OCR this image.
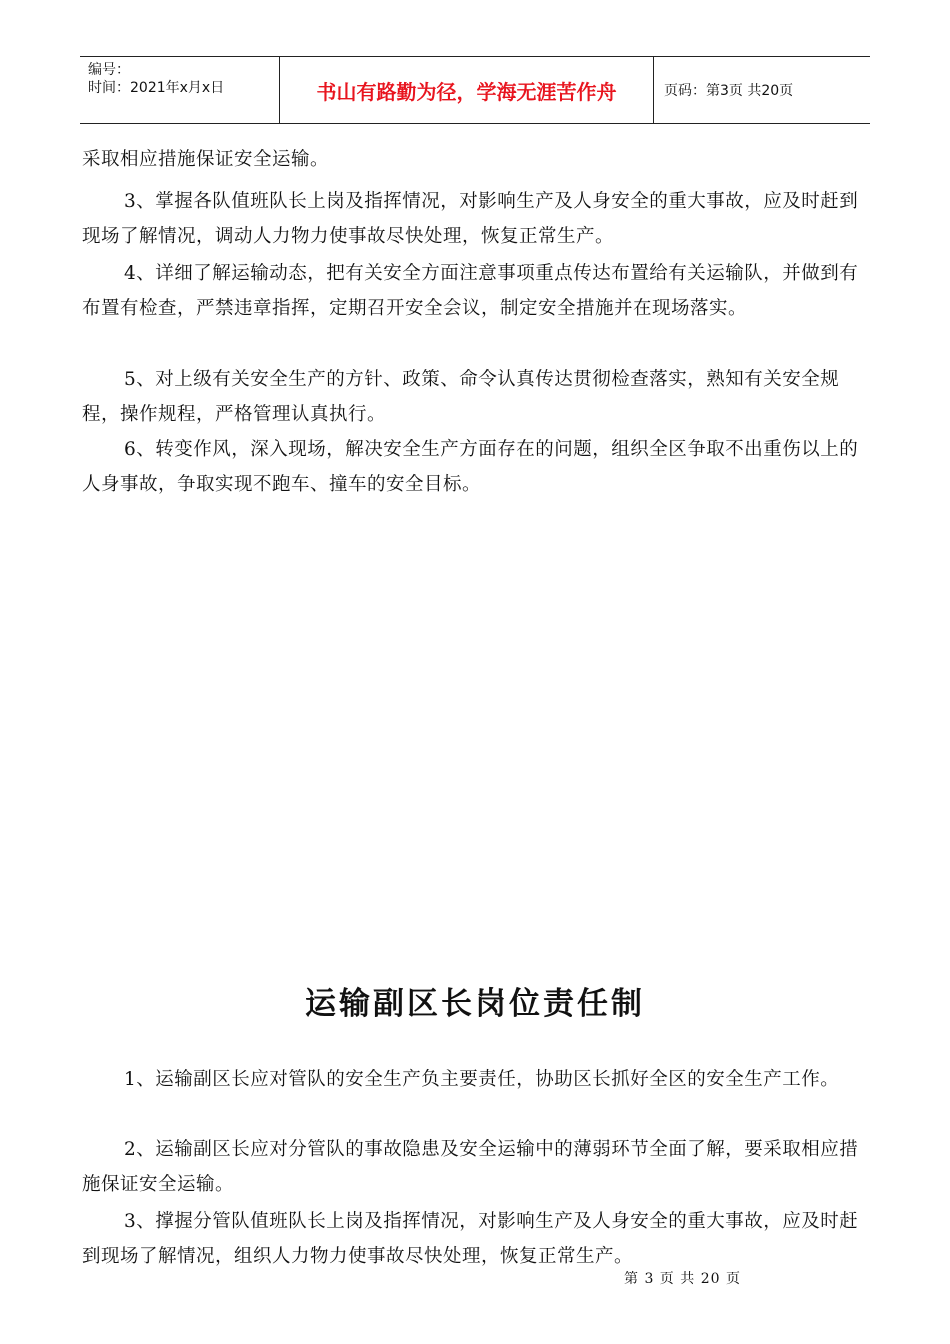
编号：
时间：2021年x月x日	书山有路勤为径，学海无涯苦作舟	页码：第3页 共20页

采取相应措施保证安全运输。

3、掌握各队值班队长上岗及指挥情况，对影响生产及人身安全的重大事故，应及时赶到现场了解情况，调动人力物力使事故尽快处理，恢复正常生产。

4、详细了解运输动态，把有关安全方面注意事项重点传达布置给有关运输队，并做到有布置有检查，严禁违章指挥，定期召开安全会议，制定安全措施并在现场落实。

5、对上级有关安全生产的方针、政策、命令认真传达贯彻检查落实，熟知有关安全规程，操作规程，严格管理认真执行。

6、转变作风，深入现场，解决安全生产方面存在的问题，组织全区争取不出重伤以上的人身事故，争取实现不跑车、撞车的安全目标。

运输副区长岗位责任制

1、运输副区长应对管队的安全生产负主要责任，协助区长抓好全区的安全生产工作。

2、运输副区长应对分管队的事故隐患及安全运输中的薄弱环节全面了解，要采取相应措施保证安全运输。

3、撑握分管队值班队长上岗及指挥情况，对影响生产及人身安全的重大事故，应及时赶到现场了解情况，组织人力物力使事故尽快处理，恢复正常生产。

第 3 页 共 20 页
